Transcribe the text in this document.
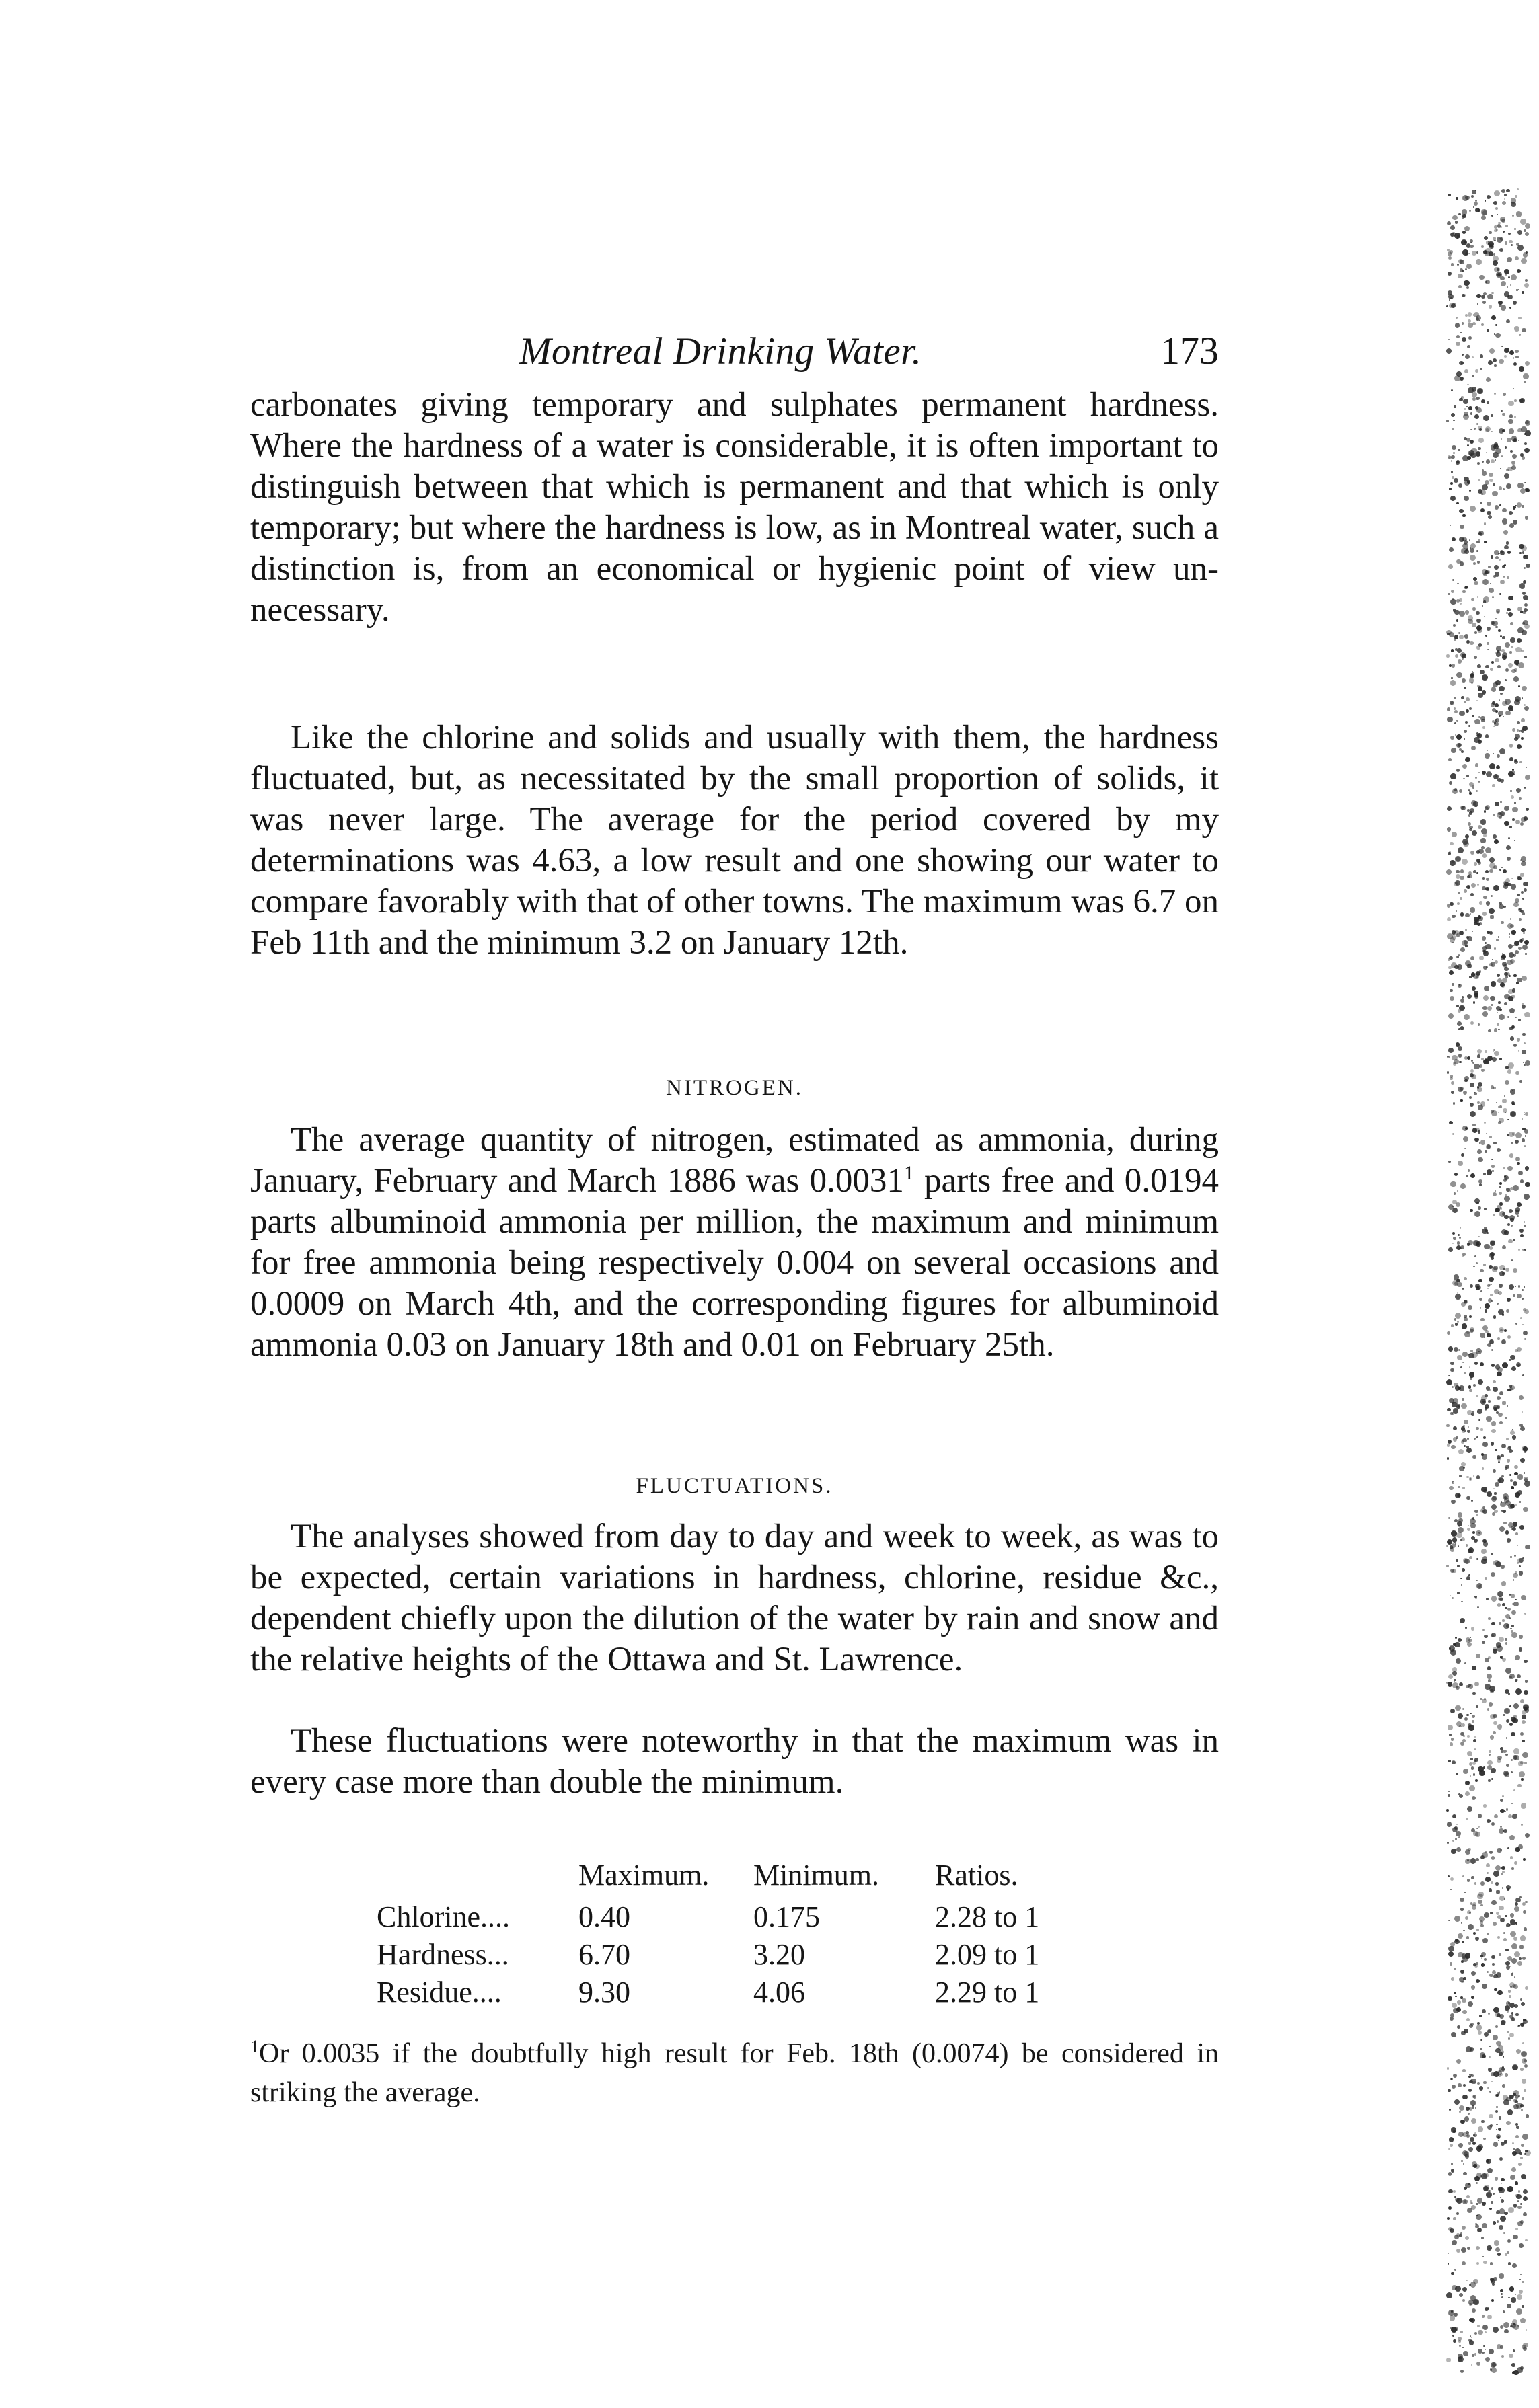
Montreal Drinking Water.	173

carbonates giving temporary and sulphates permanent hardness. Where the hardness of a water is considerable, it is often important to distinguish between that which is permanent and that which is only temporary; but where the hardness is low, as in Montreal water, such a distinction is, from an economical or hygienic point of view unnecessary.

Like the chlorine and solids and usually with them, the hardness fluctuated, but, as necessitated by the small proportion of solids, it was never large. The average for the period covered by my determinations was 4.63, a low result and one showing our water to compare favorably with that of other towns. The maximum was 6.7 on Feb 11th and the minimum 3.2 on January 12th.

NITROGEN.

The average quantity of nitrogen, estimated as ammonia, during January, February and March 1886 was 0.0031$^1$ parts free and 0.0194 parts albuminoid ammonia per million, the maximum and minimum for free ammonia being respectively 0.004 on several occasions and 0.0009 on March 4th, and the corresponding figures for albuminoid ammonia 0.03 on January 18th and 0.01 on February 25th.

FLUCTUATIONS.

The analyses showed from day to day and week to week, as was to be expected, certain variations in hardness, chlorine, residue &c., dependent chiefly upon the dilution of the water by rain and snow and the relative heights of the Ottawa and St. Lawrence.

These fluctuations were noteworthy in that the maximum was in every case more than double the minimum.

	Maximum.	Minimum.	Ratios.
Chlorine....	0.40	0.175	2.28 to 1
Hardness...	6.70	3.20	2.09 to 1
Residue....	9.30	4.06	2.29 to 1
$^1$Or 0.0035 if the doubtfully high result for Feb. 18th (0.0074) be considered in striking the average.
